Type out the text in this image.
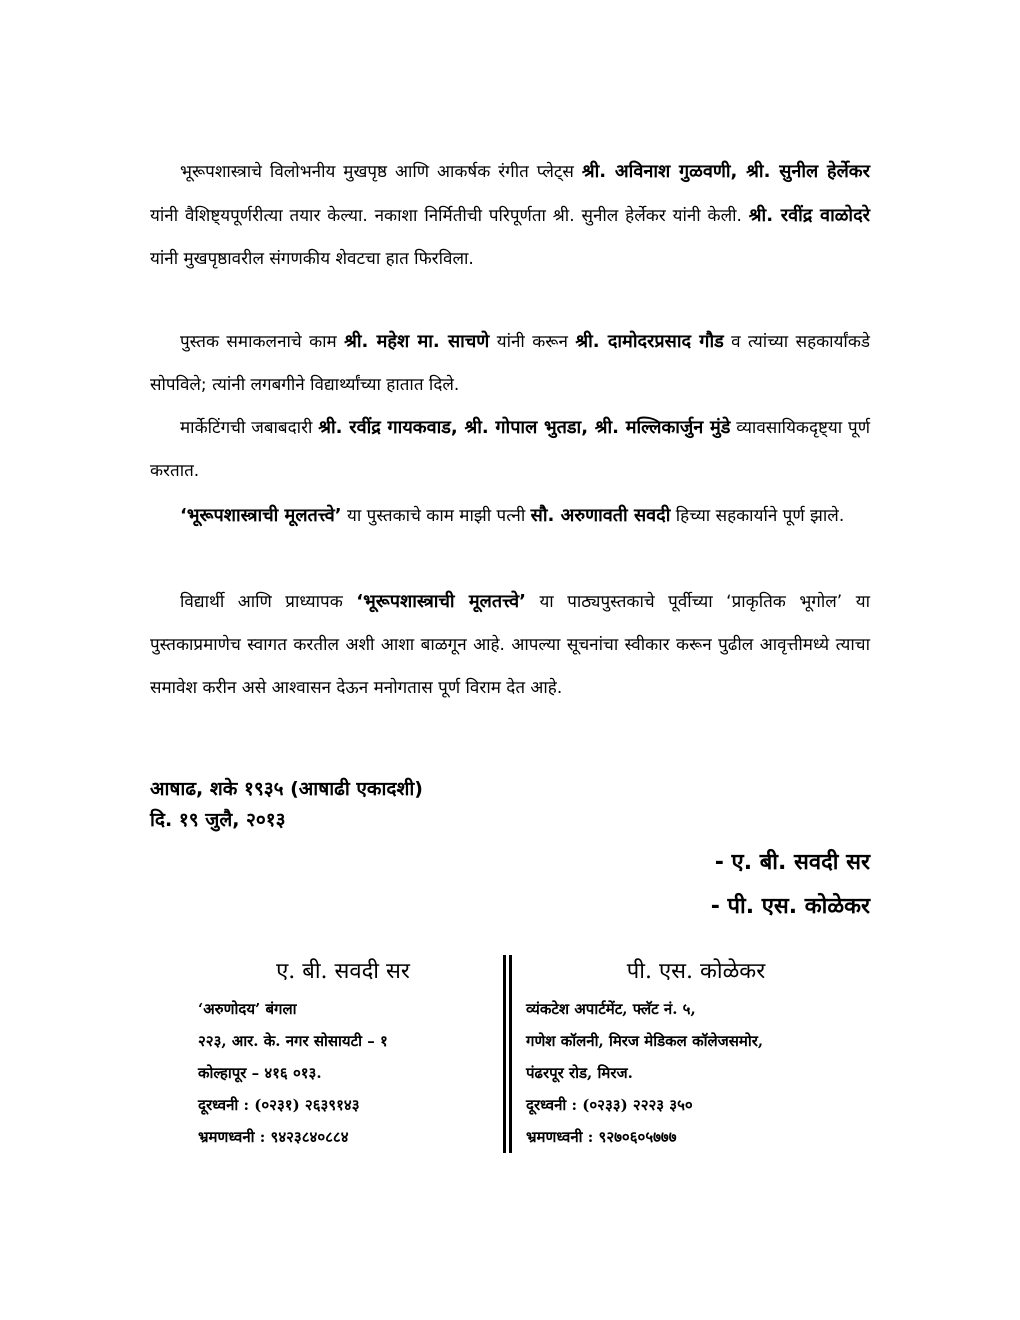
भूरूपशास्त्राचे विलोभनीय मुखपृष्ठ आणि आकर्षक रंगीत प्लेट्स श्री. अविनाश गुळवणी, श्री. सुनील हेर्लेकर यांनी वैशिष्ट्यपूर्णरीत्या तयार केल्या. नकाशा निर्मितीची परिपूर्णता श्री. सुनील हेर्लेकर यांनी केली. श्री. रवींद्र वाळोदरे यांनी मुखपृष्ठावरील संगणकीय शेवटचा हात फिरविला.

पुस्तक समाकलनाचे काम श्री. महेश मा. साचणे यांनी करून श्री. दामोदरप्रसाद गौड व त्यांच्या सहकार्यांकडे सोपविले; त्यांनी लगबगीने विद्यार्थ्यांच्या हातात दिले.

मार्केटिंगची जबाबदारी श्री. रवींद्र गायकवाड, श्री. गोपाल भुतडा, श्री. मल्लिकार्जुन मुंडे व्यावसायिकदृष्ट्या पूर्ण करतात.

‘भूरूपशास्त्राची मूलतत्त्वे’ या पुस्तकाचे काम माझी पत्नी सौ. अरुणावती सवदी हिच्या सहकार्याने पूर्ण झाले.

विद्यार्थी आणि प्राध्यापक ‘भूरूपशास्त्राची मूलतत्त्वे’ या पाठ्यपुस्तकाचे पूर्वीच्या ‘प्राकृतिक भूगोल’ या पुस्तकाप्रमाणेच स्वागत करतील अशी आशा बाळगून आहे. आपल्या सूचनांचा स्वीकार करून पुढील आवृत्तीमध्ये त्याचा समावेश करीन असे आश्वासन देऊन मनोगतास पूर्ण विराम देत आहे.

आषाढ, शके १९३५ (आषाढी एकादशी)

दि. १९ जुलै, २०१३

- ए. बी. सवदी सर

- पी. एस. कोळेकर

ए. बी. सवदी सर

‘अरुणोदय’ बंगला

२२३, आर. के. नगर सोसायटी – १

कोल्हापूर – ४१६ ०१३.

दूरध्वनी : (०२३१) २६३९१४३

भ्रमणध्वनी : ९४२३८४०८८४

पी. एस. कोळेकर

व्यंकटेश अपार्टमेंट, फ्लॅट नं. ५,

गणेश कॉलनी, मिरज मेडिकल कॉलेजसमोर,

पंढरपूर रोड, मिरज.

दूरध्वनी : (०२३३) २२२३ ३५०

भ्रमणध्वनी : ९२७०६०५७७७
